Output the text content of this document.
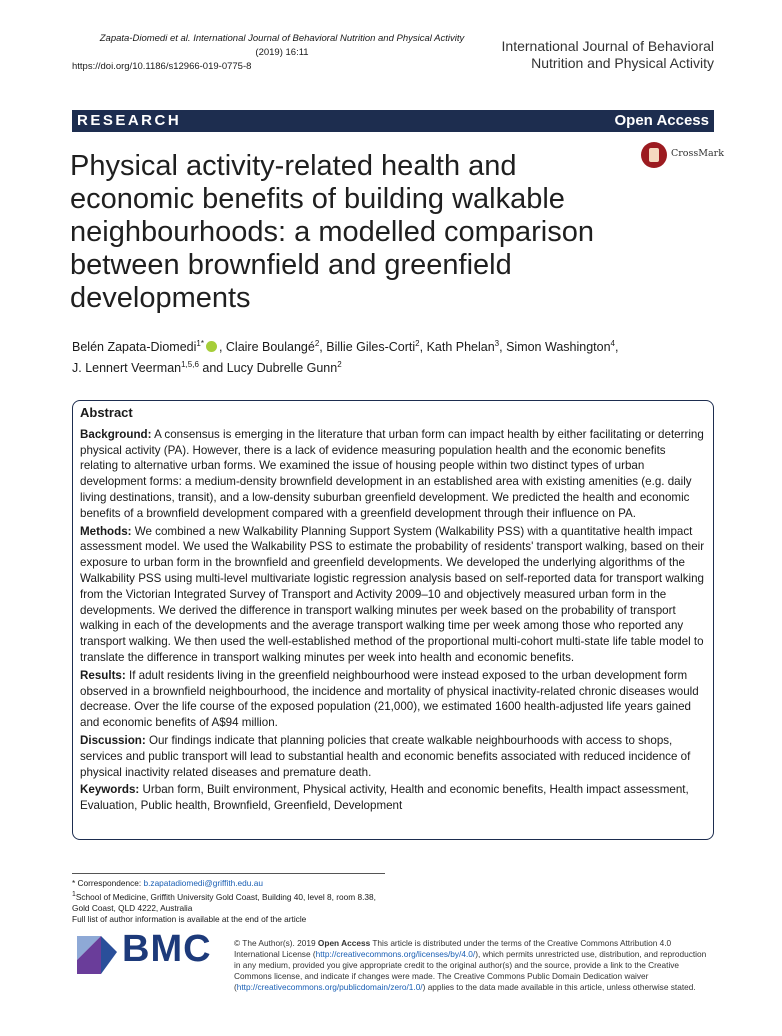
Zapata-Diomedi et al. International Journal of Behavioral Nutrition and Physical Activity
(2019) 16:11
https://doi.org/10.1186/s12966-019-0775-8
International Journal of Behavioral
Nutrition and Physical Activity
RESEARCH	Open Access
Physical activity-related health and economic benefits of building walkable neighbourhoods: a modelled comparison between brownfield and greenfield developments
CrossMark
Belén Zapata-Diomedi$^{1*}$ , Claire Boulangé$^2$, Billie Giles-Corti$^2$, Kath Phelan$^3$, Simon Washington$^4$,
J. Lennert Veerman$^{1,5,6}$ and Lucy Dubrelle Gunn$^2$
Abstract

Background: A consensus is emerging in the literature that urban form can impact health by either facilitating or deterring physical activity (PA). However, there is a lack of evidence measuring population health and the economic benefits relating to alternative urban forms. We examined the issue of housing people within two distinct types of urban development forms: a medium-density brownfield development in an established area with existing amenities (e.g. daily living destinations, transit), and a low-density suburban greenfield development. We predicted the health and economic benefits of a brownfield development compared with a greenfield development through their influence on PA.

Methods: We combined a new Walkability Planning Support System (Walkability PSS) with a quantitative health impact assessment model. We used the Walkability PSS to estimate the probability of residents' transport walking, based on their exposure to urban form in the brownfield and greenfield developments. We developed the underlying algorithms of the Walkability PSS using multi-level multivariate logistic regression analysis based on self-reported data for transport walking from the Victorian Integrated Survey of Transport and Activity 2009–10 and objectively measured urban form in the developments. We derived the difference in transport walking minutes per week based on the probability of transport walking in each of the developments and the average transport walking time per week among those who reported any transport walking. We then used the well-established method of the proportional multi-cohort multi-state life table model to translate the difference in transport walking minutes per week into health and economic benefits.

Results: If adult residents living in the greenfield neighbourhood were instead exposed to the urban development form observed in a brownfield neighbourhood, the incidence and mortality of physical inactivity-related chronic diseases would decrease. Over the life course of the exposed population (21,000), we estimated 1600 health-adjusted life years gained and economic benefits of A$94 million.

Discussion: Our findings indicate that planning policies that create walkable neighbourhoods with access to shops, services and public transport will lead to substantial health and economic benefits associated with reduced incidence of physical inactivity related diseases and premature death.

Keywords: Urban form, Built environment, Physical activity, Health and economic benefits, Health impact assessment, Evaluation, Public health, Brownfield, Greenfield, Development

* Correspondence: b.zapatadiomedi@griffith.edu.au
$^1$School of Medicine, Griffith University Gold Coast, Building 40, level 8, room 8.38, Gold Coast, QLD 4222, Australia
Full list of author information is available at the end of the article
BMC	© The Author(s). 2019 Open Access This article is distributed under the terms of the Creative Commons Attribution 4.0 International License (http://creativecommons.org/licenses/by/4.0/), which permits unrestricted use, distribution, and reproduction in any medium, provided you give appropriate credit to the original author(s) and the source, provide a link to the Creative Commons license, and indicate if changes were made. The Creative Commons Public Domain Dedication waiver (http://creativecommons.org/publicdomain/zero/1.0/) applies to the data made available in this article, unless otherwise stated.
